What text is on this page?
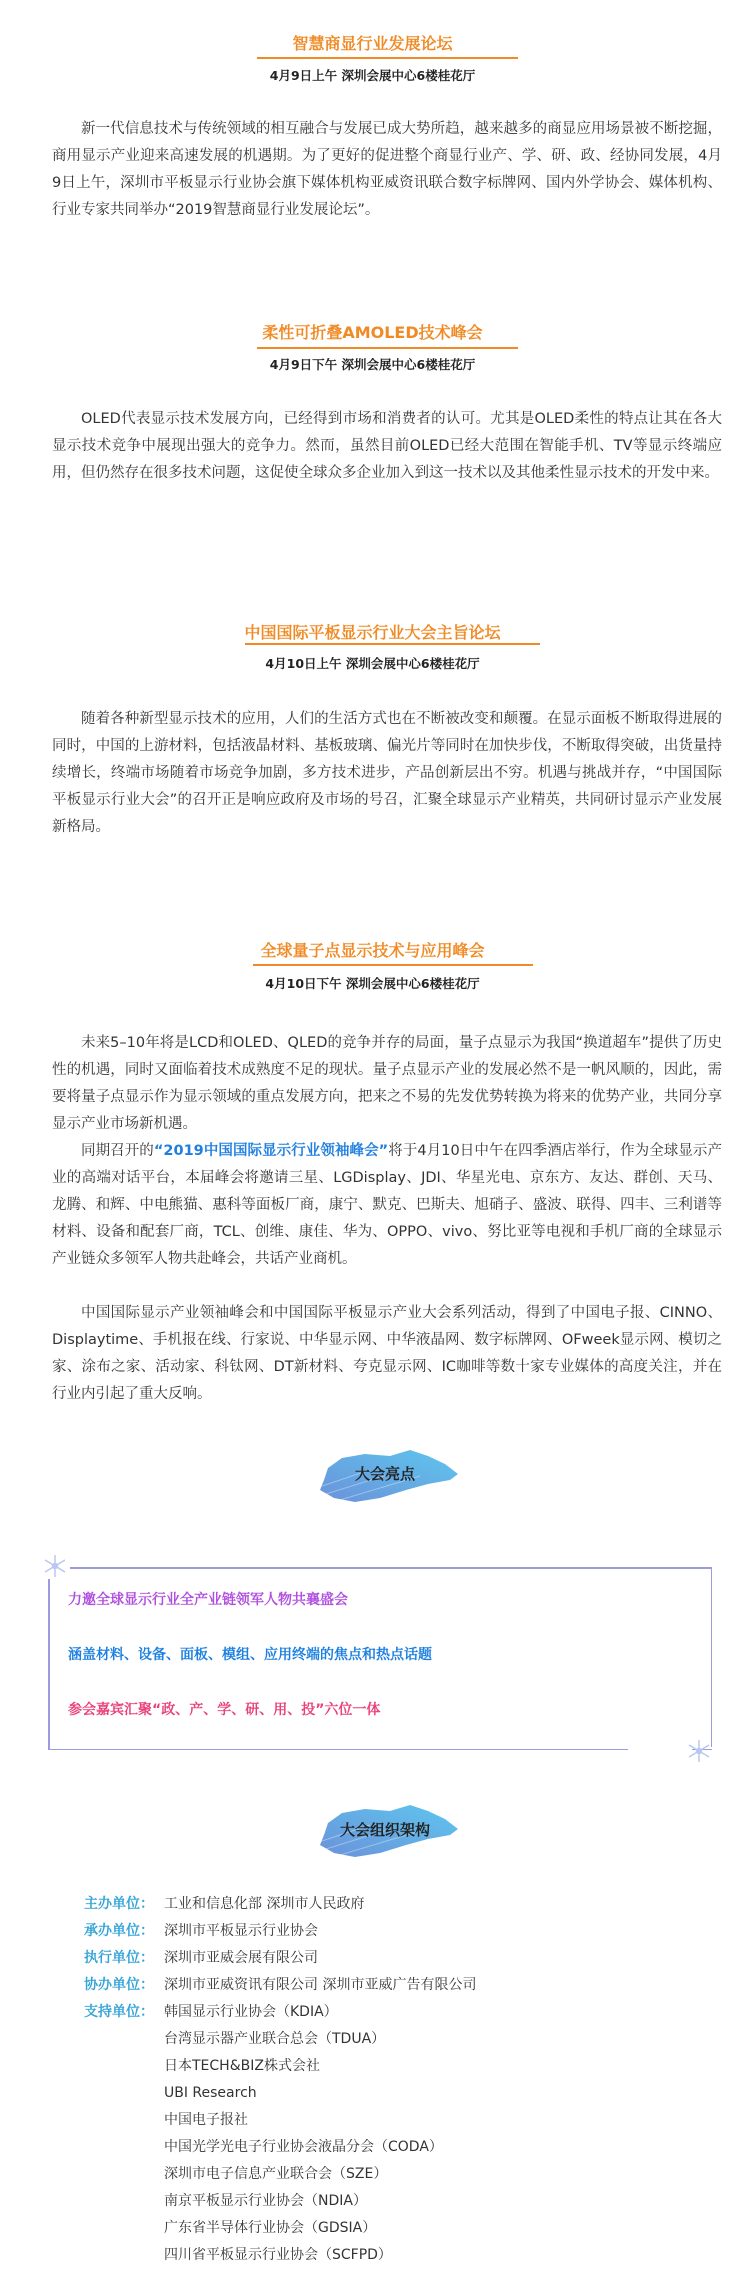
智慧商显行业发展论坛
4月9日上午 深圳会展中心6楼桂花厅

新一代信息技术与传统领域的相互融合与发展已成大势所趋，越来越多的商显应用场景被不断挖掘，商用显示产业迎来高速发展的机遇期。为了更好的促进整个商显行业产、学、研、政、经协同发展，4月9日上午，深圳市平板显示行业协会旗下媒体机构亚威资讯联合数字标牌网、国内外学协会、媒体机构、行业专家共同举办“2019智慧商显行业发展论坛”。

柔性可折叠AMOLED技术峰会
4月9日下午 深圳会展中心6楼桂花厅

OLED代表显示技术发展方向，已经得到市场和消费者的认可。尤其是OLED柔性的特点让其在各大显示技术竞争中展现出强大的竞争力。然而，虽然目前OLED已经大范围在智能手机、TV等显示终端应用，但仍然存在很多技术问题，这促使全球众多企业加入到这一技术以及其他柔性显示技术的开发中来。

中国国际平板显示行业大会主旨论坛
4月10日上午 深圳会展中心6楼桂花厅

随着各种新型显示技术的应用，人们的生活方式也在不断被改变和颠覆。在显示面板不断取得进展的同时，中国的上游材料，包括液晶材料、基板玻璃、偏光片等同时在加快步伐，不断取得突破，出货量持续增长，终端市场随着市场竞争加剧，多方技术进步，产品创新层出不穷。机遇与挑战并存，“中国国际平板显示行业大会”的召开正是响应政府及市场的号召，汇聚全球显示产业精英，共同研讨显示产业发展新格局。

全球量子点显示技术与应用峰会
4月10日下午 深圳会展中心6楼桂花厅

未来5–10年将是LCD和OLED、QLED的竞争并存的局面，量子点显示为我国“换道超车”提供了历史性的机遇，同时又面临着技术成熟度不足的现状。量子点显示产业的发展必然不是一帆风顺的，因此，需要将量子点显示作为显示领域的重点发展方向，把来之不易的先发优势转换为将来的优势产业，共同分享显示产业市场新机遇。

同期召开的“2019中国国际显示行业领袖峰会”将于4月10日中午在四季酒店举行，作为全球显示产业的高端对话平台，本届峰会将邀请三星、LGDisplay、JDI、华星光电、京东方、友达、群创、天马、龙腾、和辉、中电熊猫、惠科等面板厂商，康宁、默克、巴斯夫、旭硝子、盛波、联得、四丰、三利谱等材料、设备和配套厂商，TCL、创维、康佳、华为、OPPO、vivo、努比亚等电视和手机厂商的全球显示产业链众多领军人物共赴峰会，共话产业商机。

中国国际显示产业领袖峰会和中国国际平板显示产业大会系列活动，得到了中国电子报、CINNO、Displaytime、手机报在线、行家说、中华显示网、中华液晶网、数字标牌网、OFweek显示网、模切之家、涂布之家、活动家、科钛网、DT新材料、夸克显示网、IC咖啡等数十家专业媒体的高度关注，并在行业内引起了重大反响。

大会亮点
力邀全球显示行业全产业链领军人物共襄盛会
涵盖材料、设备、面板、模组、应用终端的焦点和热点话题
参会嘉宾汇聚“政、产、学、研、用、投”六位一体
大会组织架构
主办单位： 工业和信息化部 深圳市人民政府
承办单位： 深圳市平板显示行业协会
执行单位： 深圳市亚威会展有限公司
协办单位： 深圳市亚威资讯有限公司 深圳市亚威广告有限公司
支持单位： 韩国显示行业协会（KDIA）
台湾显示器产业联合总会（TDUA）
日本TECH&BIZ株式会社
UBI Research
中国电子报社
中国光学光电子行业协会液晶分会（CODA）
深圳市电子信息产业联合会（SZE）
南京平板显示行业协会（NDIA）
广东省半导体行业协会（GDSIA）
四川省平板显示行业协会（SCFPD）
